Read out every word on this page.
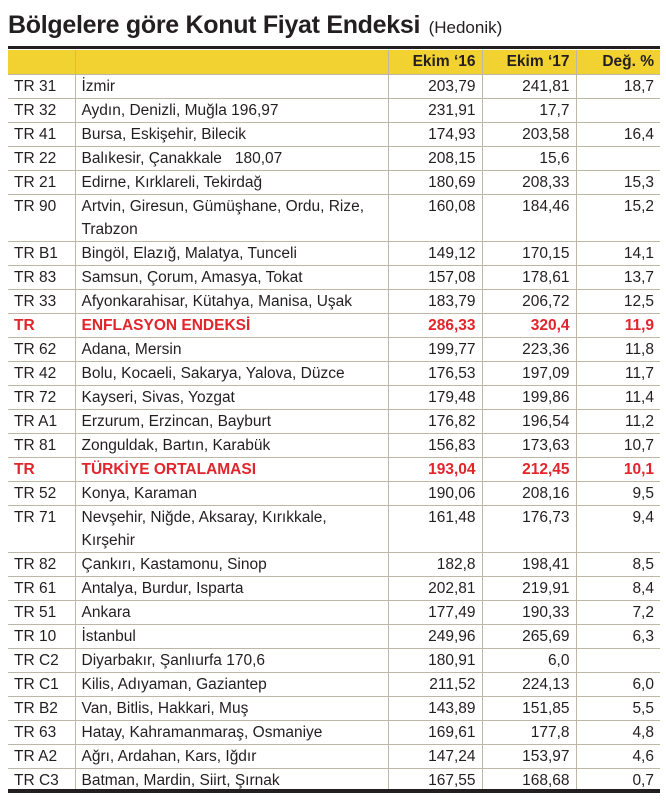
Bölgelere göre Konut Fiyat Endeksi (Hedonik)
		Ekim ‘16	Ekim ‘17	Değ. %
TR 31	İzmir	203,79	241,81	18,7
TR 32	Aydın, Denizli, Muğla 196,97	231,91	17,7	
TR 41	Bursa, Eskişehir, Bilecik	174,93	203,58	16,4
TR 22	Balıkesir, Çanakkale   180,07	208,15	15,6	
TR 21	Edirne, Kırklareli, Tekirdağ	180,69	208,33	15,3
TR 90	Artvin, Giresun, Gümüşhane, Ordu, Rize, Trabzon	160,08	184,46	15,2
TR B1	Bingöl, Elazığ, Malatya, Tunceli	149,12	170,15	14,1
TR 83	Samsun, Çorum, Amasya, Tokat	157,08	178,61	13,7
TR 33	Afyonkarahisar, Kütahya, Manisa, Uşak	183,79	206,72	12,5
TR	ENFLASYON ENDEKSİ	286,33	320,4	11,9
TR 62	Adana, Mersin	199,77	223,36	11,8
TR 42	Bolu, Kocaeli, Sakarya, Yalova, Düzce	176,53	197,09	11,7
TR 72	Kayseri, Sivas, Yozgat	179,48	199,86	11,4
TR A1	Erzurum, Erzincan, Bayburt	176,82	196,54	11,2
TR 81	Zonguldak, Bartın, Karabük	156,83	173,63	10,7
TR	TÜRKİYE ORTALAMASI	193,04	212,45	10,1
TR 52	Konya, Karaman	190,06	208,16	9,5
TR 71	Nevşehir, Niğde, Aksaray, Kırıkkale, Kırşehir	161,48	176,73	9,4
TR 82	Çankırı, Kastamonu, Sinop	182,8	198,41	8,5
TR 61	Antalya, Burdur, Isparta	202,81	219,91	8,4
TR 51	Ankara	177,49	190,33	7,2
TR 10	İstanbul	249,96	265,69	6,3
TR C2	Diyarbakır, Şanlıurfa 170,6	180,91	6,0	
TR C1	Kilis, Adıyaman, Gaziantep	211,52	224,13	6,0
TR B2	Van, Bitlis, Hakkari, Muş	143,89	151,85	5,5
TR 63	Hatay, Kahramanmaraş, Osmaniye	169,61	177,8	4,8
TR A2	Ağrı, Ardahan, Kars, Iğdır	147,24	153,97	4,6
TR C3	Batman, Mardin, Siirt, Şırnak	167,55	168,68	0,7
